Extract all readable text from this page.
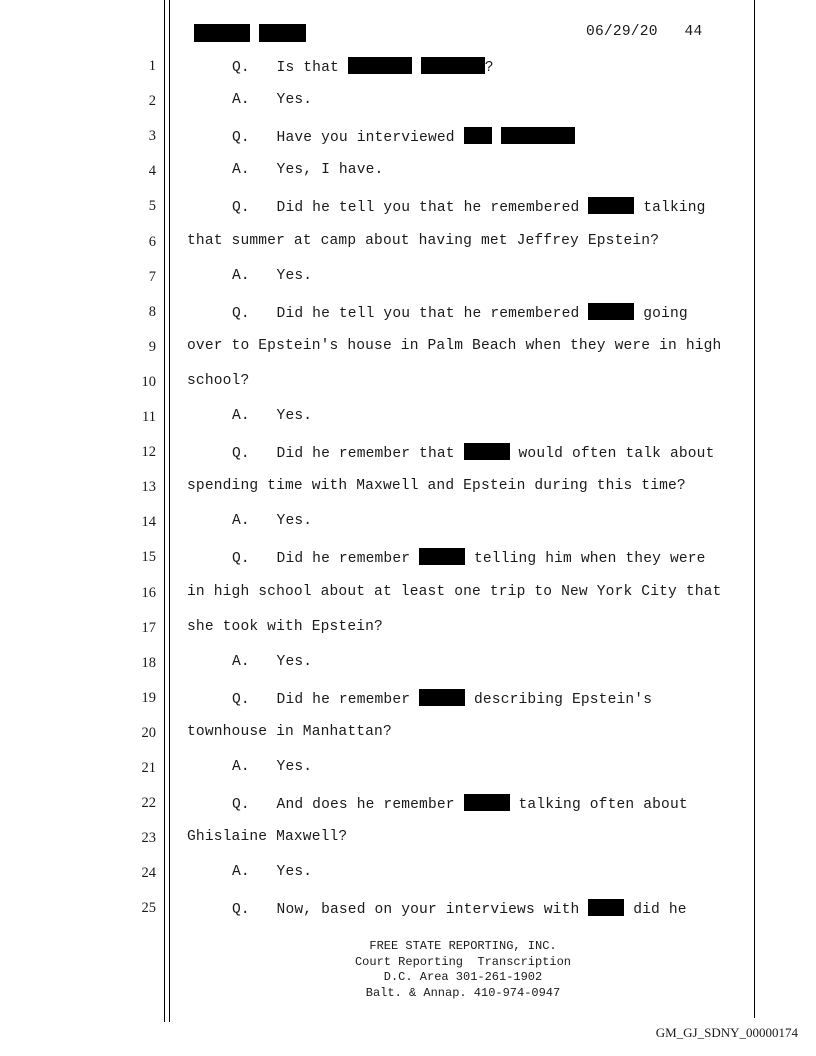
06/29/20 44
1	Q.   Is that	?
2	A.   Yes.
3	Q.   Have you interviewed
4	A.   Yes, I have.
5	Q.   Did he tell you that he remembered	talking
6 that summer at camp about having met Jeffrey Epstein?
7	A.   Yes.
8	Q.   Did he tell you that he remembered	going
9 over to Epstein's house in Palm Beach when they were in high
10 school?
11	A.   Yes.
12	Q.   Did he remember that	would often talk about
13 spending time with Maxwell and Epstein during this time?
14	A.   Yes.
15	Q.   Did he remember	telling him when they were
16 in high school about at least one trip to New York City that
17 she took with Epstein?
18	A.   Yes.
19	Q.   Did he remember	describing Epstein's
20 townhouse in Manhattan?
21	A.   Yes.
22	Q.   And does he remember	talking often about
23 Ghislaine Maxwell?
24	A.   Yes.
25	Q.   Now, based on your interviews with  did he
FREE STATE REPORTING, INC.
Court Reporting  Transcription
D.C. Area 301-261-1902
Balt. & Annap. 410-974-0947
GM_GJ_SDNY_00000174
